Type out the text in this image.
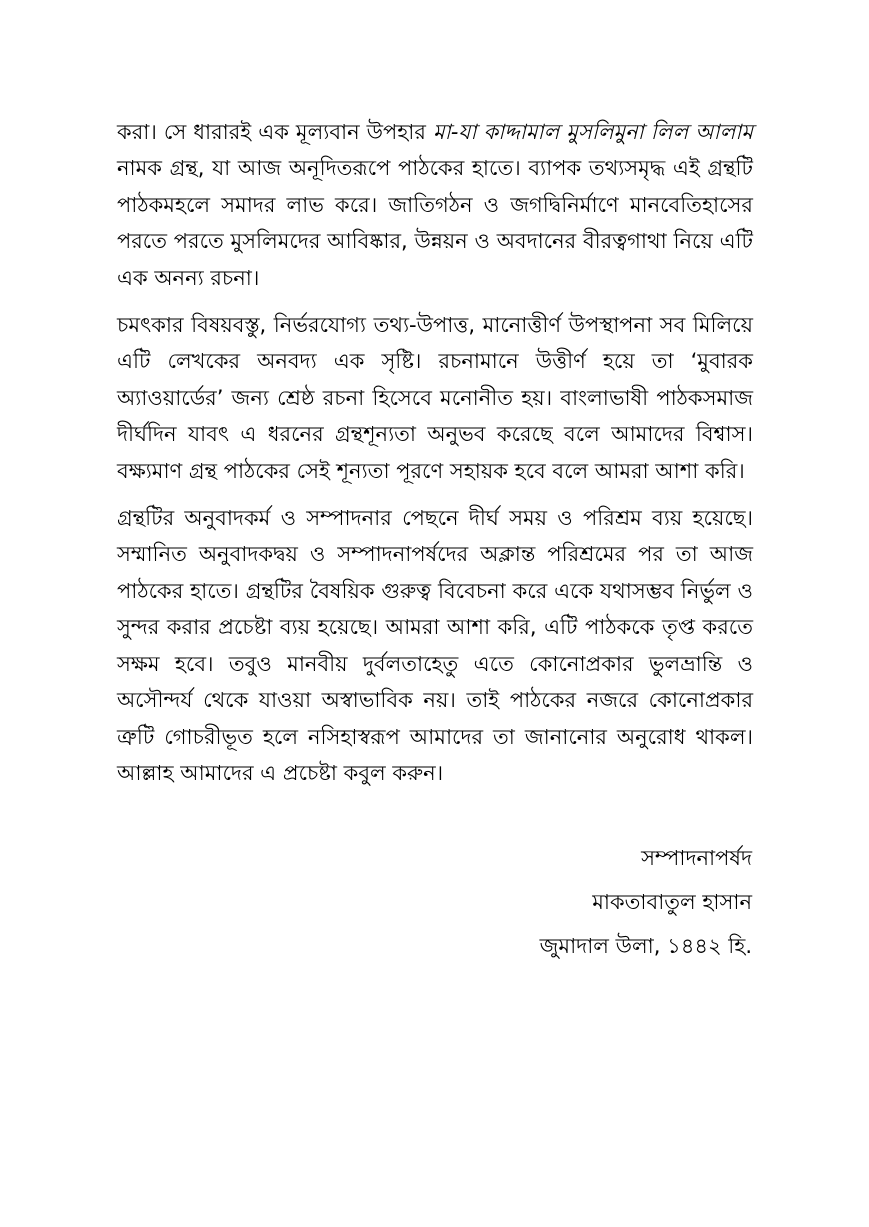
করা। সে ধারারই এক মূল্যবান উপহার মা-যা কাদ্দামাল মুসলিমুনা লিল আলাম নামক গ্রন্থ, যা আজ অনূদিতরূপে পাঠকের হাতে। ব্যাপক তথ্যসমৃদ্ধ এই গ্রন্থটি পাঠকমহলে সমাদর লাভ করে। জাতিগঠন ও জগদ্বিনির্মাণে মানবেতিহাসের পরতে পরতে মুসলিমদের আবিষ্কার, উন্নয়ন ও অবদানের বীরত্বগাথা নিয়ে এটি এক অনন্য রচনা।

চমৎকার বিষয়বস্তু, নির্ভরযোগ্য তথ্য-উপাত্ত, মানোত্তীর্ণ উপস্থাপনা সব মিলিয়ে এটি লেখকের অনবদ্য এক সৃষ্টি। রচনামানে উত্তীর্ণ হয়ে তা ‘মুবারক অ্যাওয়ার্ডের’ জন্য শ্রেষ্ঠ রচনা হিসেবে মনোনীত হয়। বাংলাভাষী পাঠকসমাজ দীর্ঘদিন যাবৎ এ ধরনের গ্রন্থশূন্যতা অনুভব করেছে বলে আমাদের বিশ্বাস। বক্ষ্যমাণ গ্রন্থ পাঠকের সেই শূন্যতা পূরণে সহায়ক হবে বলে আমরা আশা করি।

গ্রন্থটির অনুবাদকর্ম ও সম্পাদনার পেছনে দীর্ঘ সময় ও পরিশ্রম ব্যয় হয়েছে। সম্মানিত অনুবাদকদ্বয় ও সম্পাদনাপর্ষদের অক্লান্ত পরিশ্রমের পর তা আজ পাঠকের হাতে। গ্রন্থটির বৈষয়িক গুরুত্ব বিবেচনা করে একে যথাসম্ভব নির্ভুল ও সুন্দর করার প্রচেষ্টা ব্যয় হয়েছে। আমরা আশা করি, এটি পাঠককে তৃপ্ত করতে সক্ষম হবে। তবুও মানবীয় দুর্বলতাহেতু এতে কোনোপ্রকার ভুলভ্রান্তি ও অসৌন্দর্য থেকে যাওয়া অস্বাভাবিক নয়। তাই পাঠকের নজরে কোনোপ্রকার ত্রুটি গোচরীভূত হলে নসিহাস্বরূপ আমাদের তা জানানোর অনুরোধ থাকল। আল্লাহ আমাদের এ প্রচেষ্টা কবুল করুন।

সম্পাদনাপর্ষদ
মাকতাবাতুল হাসান
জুমাদাল উলা, ১৪৪২ হি.
